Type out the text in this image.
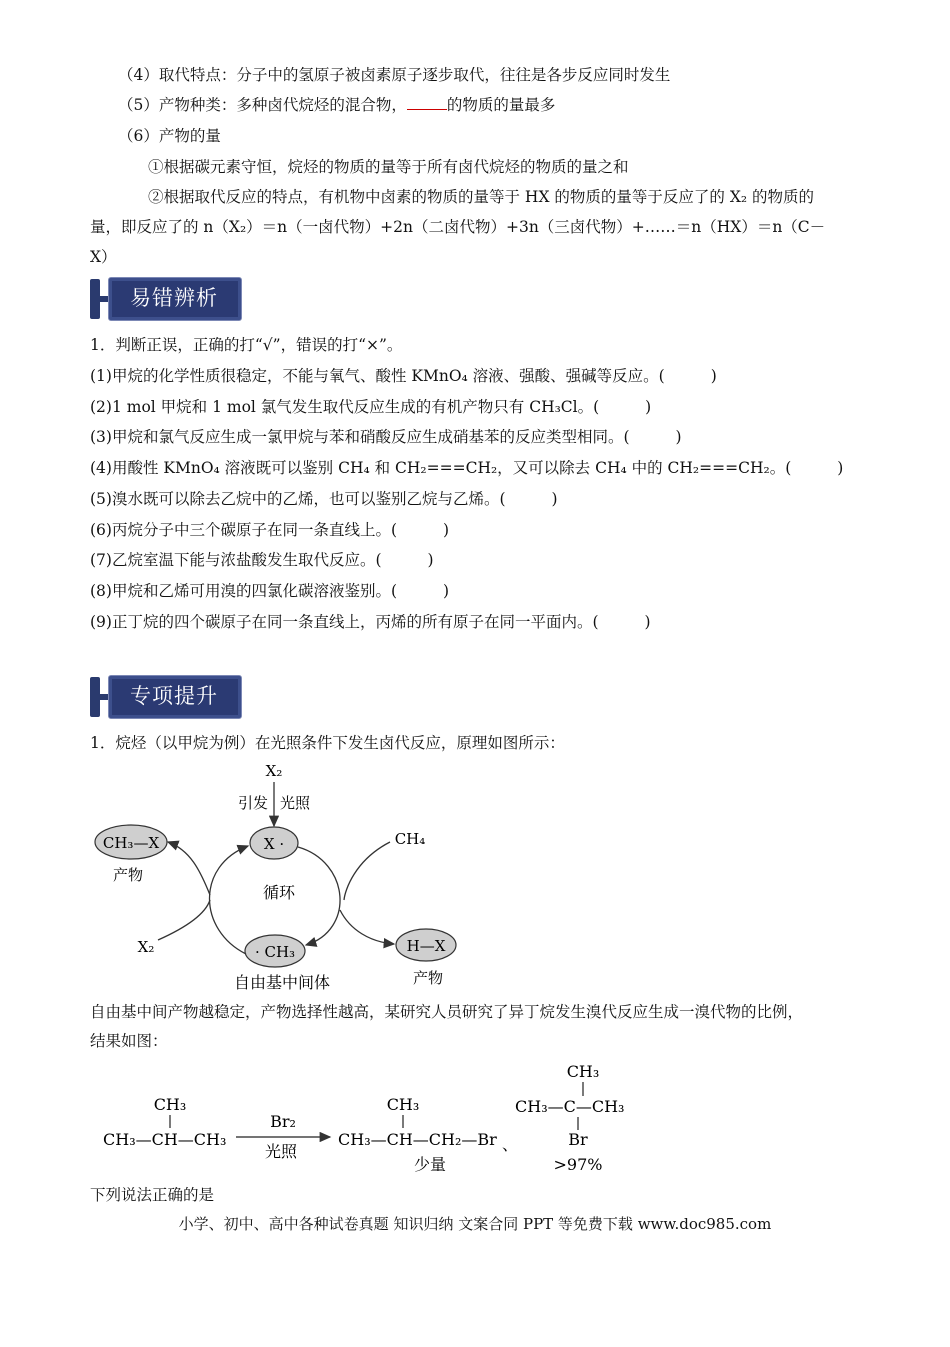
（4）取代特点：分子中的氢原子被卤素原子逐步取代，往往是各步反应同时发生
（5）产物种类：多种卤代烷烃的混合物，	的物质的量最多
（6）产物的量
①根据碳元素守恒，烷烃的物质的量等于所有卤代烷烃的物质的量之和
②根据取代反应的特点，有机物中卤素的物质的量等于 HX 的物质的量等于反应了的 X₂ 的物质的
量，即反应了的 n（X₂）＝n（一卤代物）+2n（二卤代物）+3n（三卤代物）+……＝n（HX）＝n（C－
X）
易错辨析
1．判断正误，正确的打“√”，错误的打“×”。
(1)甲烷的化学性质很稳定，不能与氧气、酸性 KMnO₄ 溶液、强酸、强碱等反应。(	)
(2)1 mol 甲烷和 1 mol 氯气发生取代反应生成的有机产物只有 CH₃Cl。(	)
(3)甲烷和氯气反应生成一氯甲烷与苯和硝酸反应生成硝基苯的反应类型相同。(	)
(4)用酸性 KMnO₄ 溶液既可以鉴别 CH₄ 和 CH₂===CH₂，又可以除去 CH₄ 中的 CH₂===CH₂。(	)
(5)溴水既可以除去乙烷中的乙烯，也可以鉴别乙烷与乙烯。(	)
(6)丙烷分子中三个碳原子在同一条直线上。(	)
(7)乙烷室温下能与浓盐酸发生取代反应。(	)
(8)甲烷和乙烯可用溴的四氯化碳溶液鉴别。(	)
(9)正丁烷的四个碳原子在同一条直线上，丙烯的所有原子在同一平面内。(	)
专项提升
1．烷烃（以甲烷为例）在光照条件下发生卤代反应，原理如图所示：
X₂
引发 光照
X ·
CH₃—X
产物
循环
CH₄
X₂	· CH₃
自由基中间体
H—X
产物
CH₃
CH₃—CH—CH₃
Br₂
光照
CH₃
CH₃—CH—CH₂—Br
少量
、
CH₃
CH₃—C—CH₃
Br
>97%
自由基中间产物越稳定，产物选择性越高，某研究人员研究了异丁烷发生溴代反应生成一溴代物的比例，
结果如图：
下列说法正确的是
小学、初中、高中各种试卷真题 知识归纳 文案合同 PPT 等免费下载 www.doc985.com
